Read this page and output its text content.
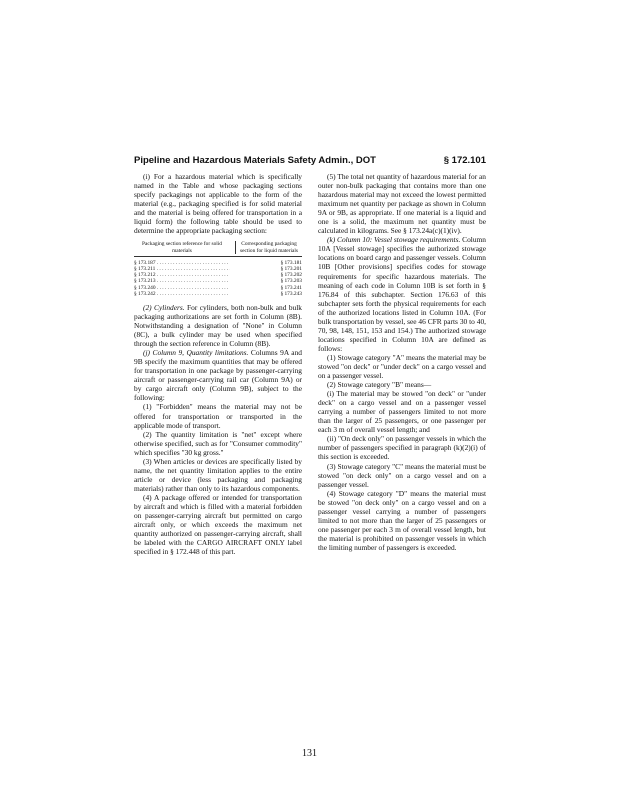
Pipeline and Hazardous Materials Safety Admin., DOT	§ 172.101

(i) For a hazardous material which is specifically named in the Table and whose packaging sections specify packagings not applicable to the form of the material (e.g., packaging specified is for solid material and the material is being offered for transportation in a liquid form) the following table should be used to determine the appropriate packaging section:

Packaging section reference for solid materials
Corresponding packaging section for liquid materials
§ 173.187 . . .	§ 173.181
§ 173.211 . . .	§ 173.201
§ 173.212 . . .	§ 173.202
§ 173.213 . . .	§ 173.203
§ 173.240 . . .	§ 173.241
§ 173.242 . . .	§ 173.243

(2) Cylinders. For cylinders, both non-bulk and bulk packaging authorizations are set forth in Column (8B). Notwithstanding a designation of "None" in Column (8C), a bulk cylinder may be used when specified through the section reference in Column (8B).

(j) Column 9, Quantity limitations. Columns 9A and 9B specify the maximum quantities that may be offered for transportation in one package by passenger-carrying aircraft or passenger-carrying rail car (Column 9A) or by cargo aircraft only (Column 9B), subject to the following:

(1) "Forbidden" means the material may not be offered for transportation or transported in the applicable mode of transport.

(2) The quantity limitation is "net" except where otherwise specified, such as for "Consumer commodity" which specifies "30 kg gross."

(3) When articles or devices are specifically listed by name, the net quantity limitation applies to the entire article or device (less packaging and packaging materials) rather than only to its hazardous components.

(4) A package offered or intended for transportation by aircraft and which is filled with a material forbidden on passenger-carrying aircraft but permitted on cargo aircraft only, or which exceeds the maximum net quantity authorized on passenger-carrying aircraft, shall be labeled with the CARGO AIRCRAFT ONLY label specified in § 172.448 of this part.

(5) The total net quantity of hazardous material for an outer non-bulk packaging that contains more than one hazardous material may not exceed the lowest permitted maximum net quantity per package as shown in Column 9A or 9B, as appropriate. If one material is a liquid and one is a solid, the maximum net quantity must be calculated in kilograms. See § 173.24a(c)(1)(iv).

(k) Column 10: Vessel stowage requirements. Column 10A [Vessel stowage] specifies the authorized stowage locations on board cargo and passenger vessels. Column 10B [Other provisions] specifies codes for stowage requirements for specific hazardous materials. The meaning of each code in Column 10B is set forth in § 176.84 of this subchapter. Section 176.63 of this subchapter sets forth the physical requirements for each of the authorized locations listed in Column 10A. (For bulk transportation by vessel, see 46 CFR parts 30 to 40, 70, 98, 148, 151, 153 and 154.) The authorized stowage locations specified in Column 10A are defined as follows:

(1) Stowage category "A" means the material may be stowed "on deck" or "under deck" on a cargo vessel and on a passenger vessel.

(2) Stowage category "B" means—

(i) The material may be stowed "on deck" or "under deck" on a cargo vessel and on a passenger vessel carrying a number of passengers limited to not more than the larger of 25 passengers, or one passenger per each 3 m of overall vessel length; and

(ii) "On deck only" on passenger vessels in which the number of passengers specified in paragraph (k)(2)(i) of this section is exceeded.

(3) Stowage category "C" means the material must be stowed "on deck only" on a cargo vessel and on a passenger vessel.

(4) Stowage category "D" means the material must be stowed "on deck only" on a cargo vessel and on a passenger vessel carrying a number of passengers limited to not more than the larger of 25 passengers or one passenger per each 3 m of overall vessel length, but the material is prohibited on passenger vessels in which the limiting number of passengers is exceeded.

131
